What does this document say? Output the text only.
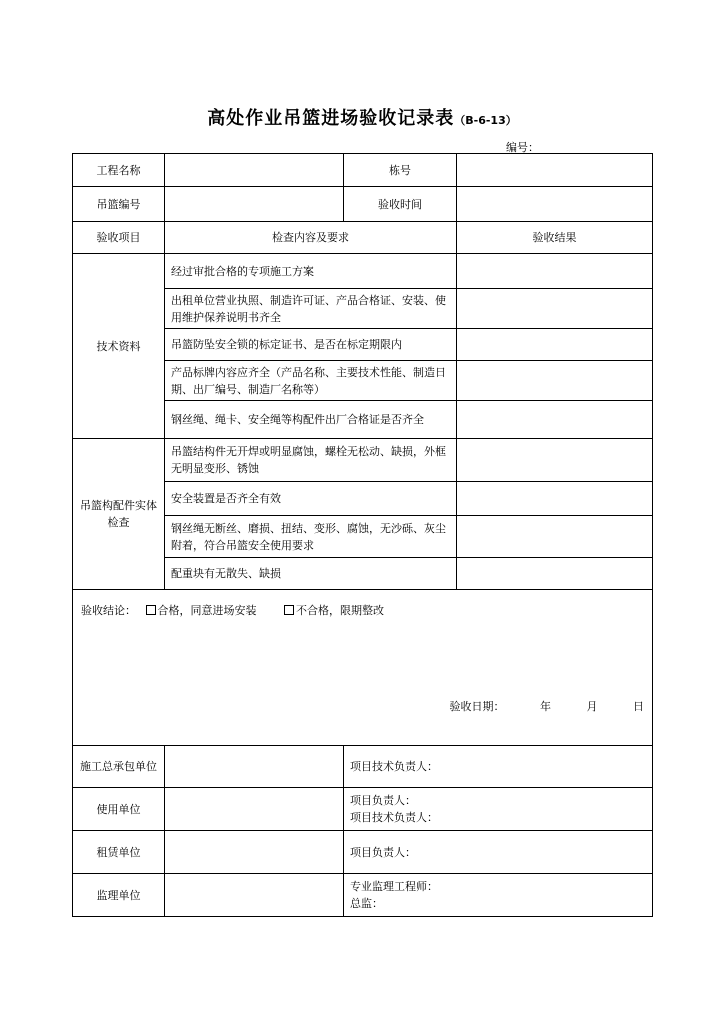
高处作业吊篮进场验收记录表（B-6-13）
编号：
工程名称		栋号	
吊篮编号		验收时间	
验收项目	检查内容及要求		验收结果
技术资料	经过审批合格的专项施工方案		
	出租单位营业执照、制造许可证、产品合格证、安装、使用维护保养说明书齐全		
	吊篮防坠安全锁的标定证书、是否在标定期限内		
	产品标牌内容应齐全（产品名称、主要技术性能、制造日期、出厂编号、制造厂名称等）		
	钢丝绳、绳卡、安全绳等构配件出厂合格证是否齐全		
吊篮构配件实体检查	吊篮结构件无开焊或明显腐蚀，螺栓无松动、缺损，外框无明显变形、锈蚀		
	安全装置是否齐全有效		
	钢丝绳无断丝、磨损、扭结、变形、腐蚀，无沙砾、灰尘附着，符合吊篮安全使用要求		
	配重块有无散失、缺损		

验收结论： 合格，同意进场安装 不合格，限期整改
验收日期： 年 月 日			

施工总承包单位		项目技术负责人：	

使用单位		项目负责人：
项目技术负责人：	

租赁单位		项目负责人：	

监理单位		专业监理工程师：
总监：	
